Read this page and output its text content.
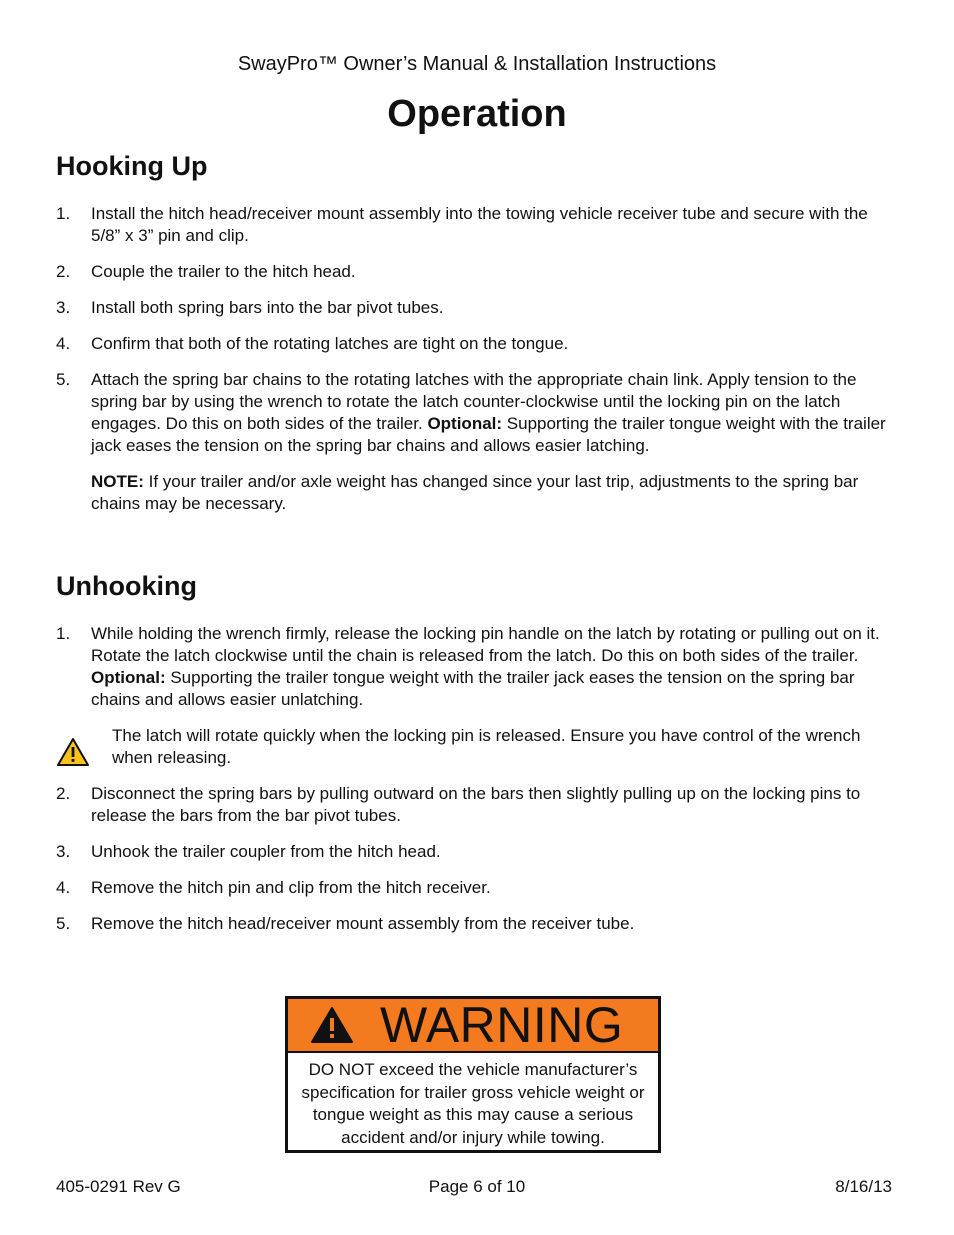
SwayPro™ Owner’s Manual & Installation Instructions
Operation
Hooking Up
1. Install the hitch head/receiver mount assembly into the towing vehicle receiver tube and secure with the 5/8” x 3” pin and clip.
2. Couple the trailer to the hitch head.
3. Install both spring bars into the bar pivot tubes.
4. Confirm that both of the rotating latches are tight on the tongue.
5. Attach the spring bar chains to the rotating latches with the appropriate chain link. Apply tension to the spring bar by using the wrench to rotate the latch counter-clockwise until the locking pin on the latch engages. Do this on both sides of the trailer. Optional: Supporting the trailer tongue weight with the trailer jack eases the tension on the spring bar chains and allows easier latching.
NOTE: If your trailer and/or axle weight has changed since your last trip, adjustments to the spring bar chains may be necessary.
Unhooking
1. While holding the wrench firmly, release the locking pin handle on the latch by rotating or pulling out on it. Rotate the latch clockwise until the chain is released from the latch. Do this on both sides of the trailer. Optional: Supporting the trailer tongue weight with the trailer jack eases the tension on the spring bar chains and allows easier unlatching.
The latch will rotate quickly when the locking pin is released. Ensure you have control of the wrench when releasing.
2. Disconnect the spring bars by pulling outward on the bars then slightly pulling up on the locking pins to release the bars from the bar pivot tubes.
3. Unhook the trailer coupler from the hitch head.
4. Remove the hitch pin and clip from the hitch receiver.
5. Remove the hitch head/receiver mount assembly from the receiver tube.
WARNING
DO NOT exceed the vehicle manufacturer’s specification for trailer gross vehicle weight or tongue weight as this may cause a serious accident and/or injury while towing.
405-0291 Rev G	Page 6 of 10	8/16/13
